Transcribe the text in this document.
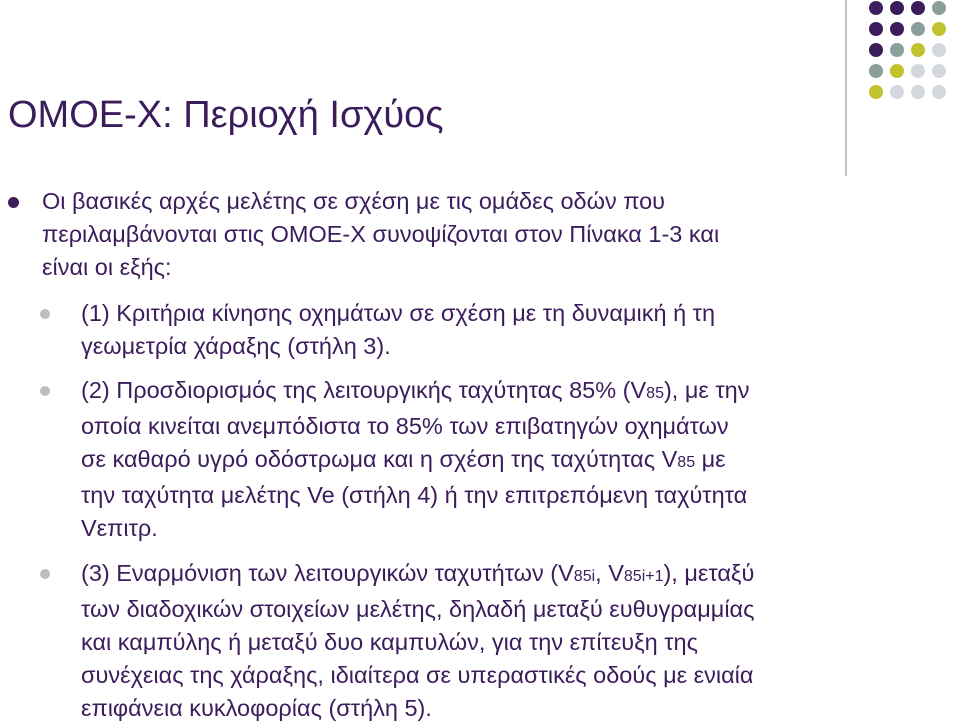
ΟΜΟΕ-Χ: Περιοχή Ισχύος
Οι βασικές αρχές μελέτης σε σχέση με τις ομάδες οδών που
περιλαμβάνονται στις ΟΜΟΕ-Χ συνοψίζονται στον Πίνακα 1-3 και
είναι οι εξής:
(1) Κριτήρια κίνησης οχημάτων σε σχέση με τη δυναμική ή τη
γεωμετρία χάραξης (στήλη 3).
(2) Προσδιορισμός της λειτουργικής ταχύτητας 85% (V85), με την
οποία κινείται ανεμπόδιστα το 85% των επιβατηγών οχημάτων
σε καθαρό υγρό οδόστρωμα και η σχέση της ταχύτητας V85 με
την ταχύτητα μελέτης Ve (στήλη 4) ή την επιτρεπόμενη ταχύτητα
Vεπιτρ.
(3) Εναρμόνιση των λειτουργικών ταχυτήτων (V85i, V85i+1), μεταξύ
των διαδοχικών στοιχείων μελέτης, δηλαδή μεταξύ ευθυγραμμίας
και καμπύλης ή μεταξύ δυο καμπυλών, για την επίτευξη της
συνέχειας της χάραξης, ιδιαίτερα σε υπεραστικές οδούς με ενιαία
επιφάνεια κυκλοφορίας (στήλη 5).
